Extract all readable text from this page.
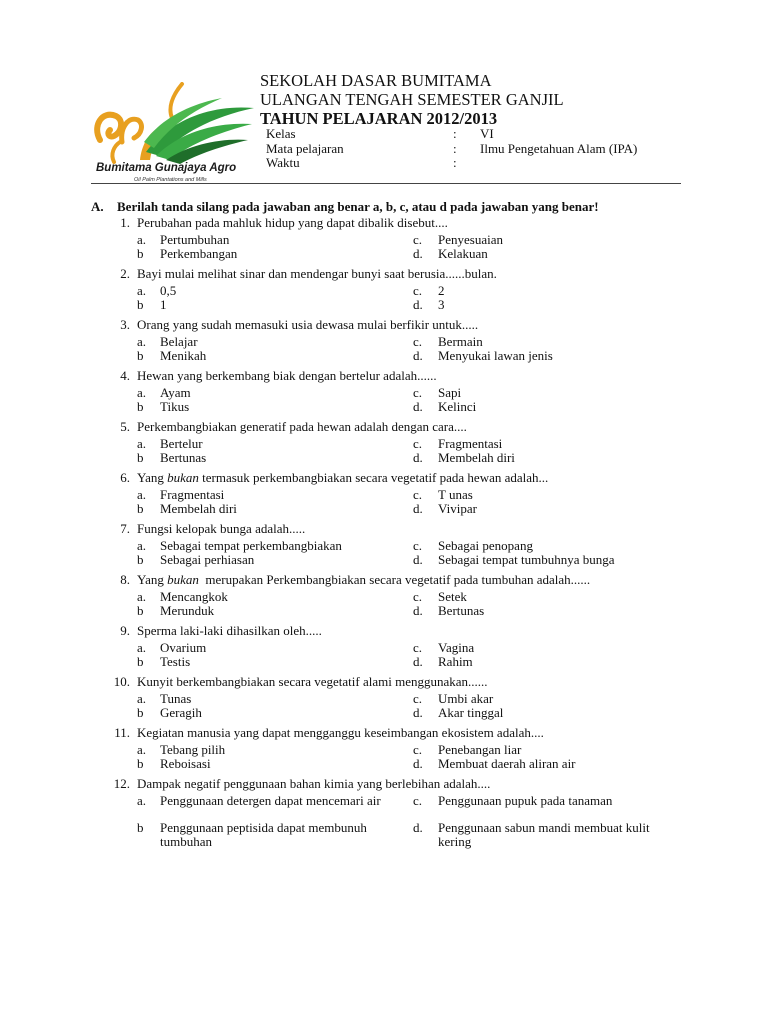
Bumitama Gunajaya Agro
Oil Palm Plantations and Mills
SEKOLAH DASAR BUMITAMA
ULANGAN TENGAH SEMESTER GANJIL
TAHUN PELAJARAN 2012/2013
Kelas	: VI
Mata pelajaran	: Ilmu Pengetahuan Alam (IPA)
Waktu	:
A. Berilah tanda silang pada jawaban ang benar a, b, c, atau d pada jawaban yang benar!
1. Perubahan pada mahluk hidup yang dapat dibalik disebut....
a. Pertumbuhan	c. Penyesuaian
b Perkembangan	d. Kelakuan
2. Bayi mulai melihat sinar dan mendengar bunyi saat berusia......bulan.
a. 0,5	c. 2
b 1	d. 3
3. Orang yang sudah memasuki usia dewasa mulai berfikir untuk.....
a. Belajar	c. Bermain
b Menikah	d. Menyukai lawan jenis
4. Hewan yang berkembang biak dengan bertelur adalah......
a. Ayam	c. Sapi
b Tikus	d. Kelinci
5. Perkembangbiakan generatif pada hewan adalah dengan cara....
a. Bertelur	c. Fragmentasi
b Bertunas	d. Membelah diri
6. Yang bukan termasuk perkembangbiakan secara vegetatif pada hewan adalah...
a. Fragmentasi	c. T unas
b Membelah diri	d. Vivipar
7. Fungsi kelopak bunga adalah.....
a. Sebagai tempat perkembangbiakan	c. Sebagai penopang
b Sebagai perhiasan	d. Sebagai tempat tumbuhnya bunga
8. Yang bukan  merupakan Perkembangbiakan secara vegetatif pada tumbuhan adalah......
a. Mencangkok	c. Setek
b Merunduk	d. Bertunas
9. Sperma laki-laki dihasilkan oleh.....
a. Ovarium	c. Vagina
b Testis	d. Rahim
10. Kunyit berkembangbiakan secara vegetatif alami menggunakan......
a. Tunas	c. Umbi akar
b Geragih	d. Akar tinggal
11. Kegiatan manusia yang dapat mengganggu keseimbangan ekosistem adalah....
a. Tebang pilih	c. Penebangan liar
b Reboisasi	d. Membuat daerah aliran air
12. Dampak negatif penggunaan bahan kimia yang berlebihan adalah....
a. Penggunaan detergen dapat mencemari air	c. Penggunaan pupuk pada tanaman
b Penggunaan peptisida dapat membunuh tumbuhan
d. Penggunaan sabun mandi membuat kulit kering
